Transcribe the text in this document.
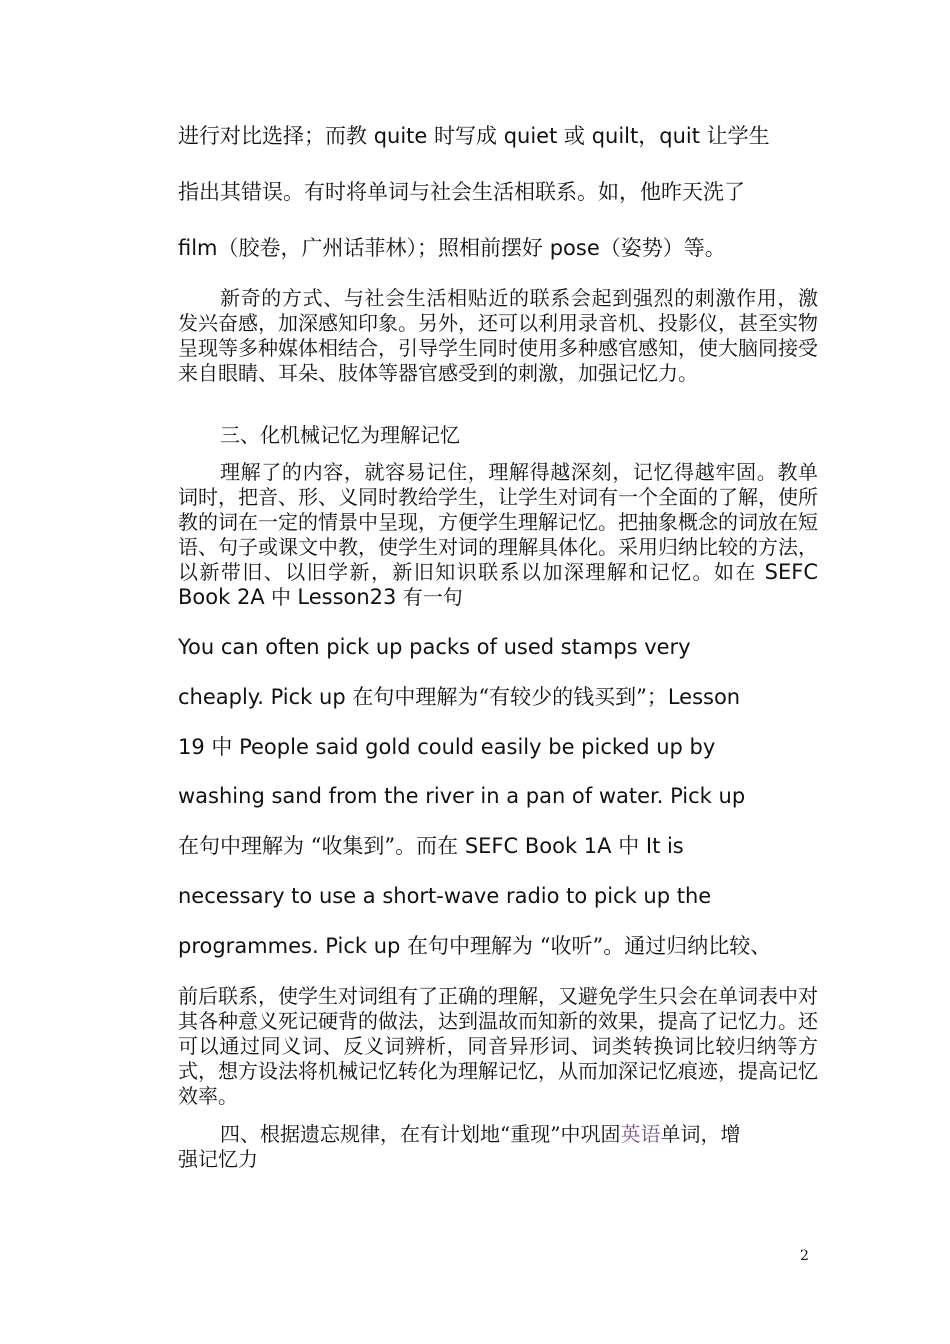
进行对比选择；而教 quite 时写成 quiet 或 quilt，quit 让学生
指出其错误。有时将单词与社会生活相联系。如，他昨天洗了
film（胶卷，广州话菲林）；照相前摆好 pose（姿势）等。

新奇的方式、与社会生活相贴近的联系会起到强烈的刺激作用，激发兴奋感，加深感知印象。另外，还可以利用录音机、投影仪，甚至实物呈现等多种媒体相结合，引导学生同时使用多种感官感知，使大脑同接受来自眼睛、耳朵、肢体等器官感受到的刺激，加强记忆力。

三、化机械记忆为理解记忆

理解了的内容，就容易记住，理解得越深刻，记忆得越牢固。教单词时，把音、形、义同时教给学生，让学生对词有一个全面的了解，使所教的词在一定的情景中呈现，方便学生理解记忆。把抽象概念的词放在短语、句子或课文中教，使学生对词的理解具体化。采用归纳比较的方法，以新带旧、以旧学新，新旧知识联系以加深理解和记忆。如在 SEFC Book 2A 中 Lesson23 有一句

You can often pick up packs of used stamps very
cheaply. Pick up 在句中理解为“有较少的钱买到”；Lesson
19 中 People said gold could easily be picked up by
washing sand from the river in a pan of water. Pick up
在句中理解为 “收集到”。而在 SEFC Book 1A 中 It is
necessary to use a short-wave radio to pick up the
programmes. Pick up 在句中理解为 “收听”。通过归纳比较、

前后联系，使学生对词组有了正确的理解，又避免学生只会在单词表中对其各种意义死记硬背的做法，达到温故而知新的效果，提高了记忆力。还可以通过同义词、反义词辨析，同音异形词、词类转换词比较归纳等方式，想方设法将机械记忆转化为理解记忆，从而加深记忆痕迹，提高记忆效率。

四、根据遗忘规律，在有计划地“重现”中巩固英语单词，增
强记忆力
2
